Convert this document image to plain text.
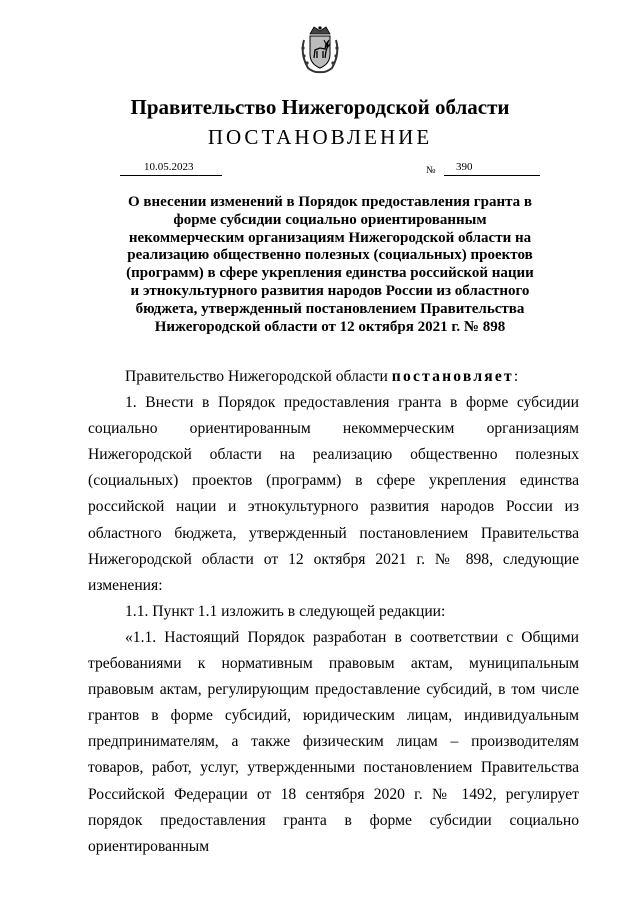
Правительство Нижегородской области
ПОСТАНОВЛЕНИЕ
10.05.2023	№	390
О внесении изменений в Порядок предоставления гранта в форме субсидии социально ориентированным некоммерческим организациям Нижегородской области на реализацию общественно полезных (социальных) проектов (программ) в сфере укрепления единства российской нации и этнокультурного развития народов России из областного бюджета, утвержденный постановлением Правительства Нижегородской области от 12 октября 2021 г. № 898

Правительство Нижегородской области постановляет:

1. Внести в Порядок предоставления гранта в форме субсидии социально ориентированным некоммерческим организациям Нижегородской области на реализацию общественно полезных (социальных) проектов (программ) в сфере укрепления единства российской нации и этнокультурного развития народов России из областного бюджета, утвержденный постановлением Правительства Нижегородской области от 12 октября 2021 г. № 898, следующие изменения:

1.1. Пункт 1.1 изложить в следующей редакции:

«1.1. Настоящий Порядок разработан в соответствии с Общими требованиями к нормативным правовым актам, муниципальным правовым актам, регулирующим предоставление субсидий, в том числе грантов в форме субсидий, юридическим лицам, индивидуальным предпринимателям, а также физическим лицам – производителям товаров, работ, услуг, утвержденными постановлением Правительства Российской Федерации от 18 сентября 2020 г. № 1492, регулирует порядок предоставления гранта в форме субсидии социально ориентированным
